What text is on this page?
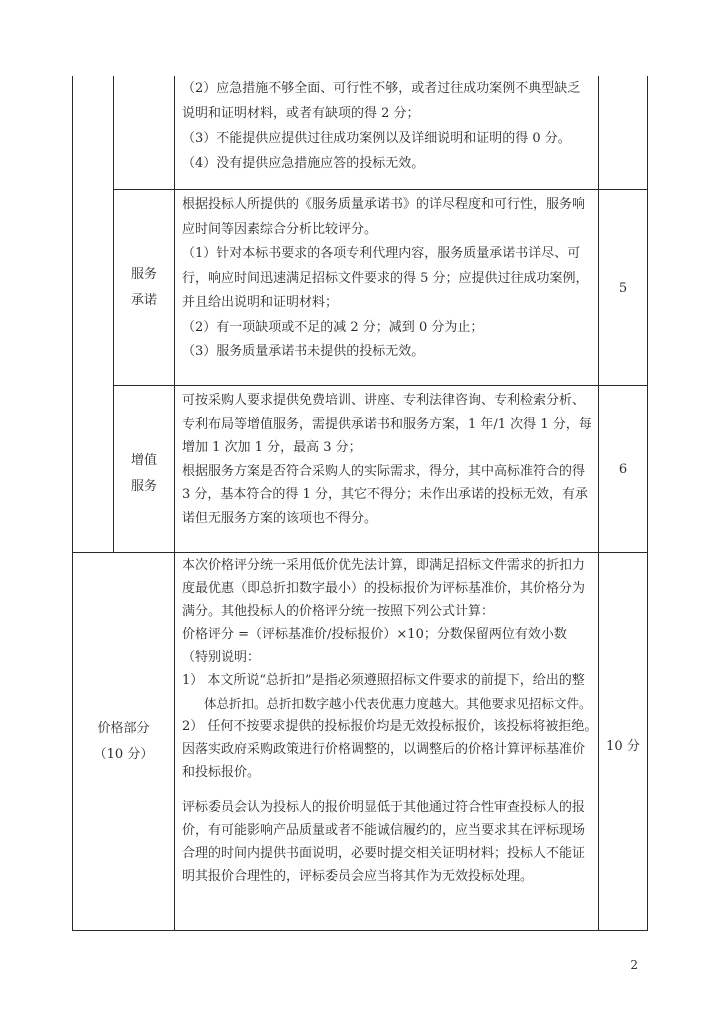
（2）应急措施不够全面、可行性不够，或者过往成功案例不典型缺乏说明和证明材料，或者有缺项的得 2 分；

（3）不能提供应提供过往成功案例以及详细说明和证明的得 0 分。

（4）没有提供应急措施应答的投标无效。

服务
承诺

根据投标人所提供的《服务质量承诺书》的详尽程度和可行性，服务响应时间等因素综合分析比较评分。

（1）针对本标书要求的各项专利代理内容，服务质量承诺书详尽、可行，响应时间迅速满足招标文件要求的得 5 分；应提供过往成功案例，并且给出说明和证明材料；

（2）有一项缺项或不足的减 2 分；减到 0 分为止；

（3）服务质量承诺书未提供的投标无效。

5
增值
服务

可按采购人要求提供免费培训、讲座、专利法律咨询、专利检索分析、专利布局等增值服务，需提供承诺书和服务方案，1 年/1 次得 1 分，每增加 1 次加 1 分，最高 3 分；

根据服务方案是否符合采购人的实际需求，得分，其中高标准符合的得 3 分，基本符合的得 1 分，其它不得分；未作出承诺的投标无效，有承诺但无服务方案的该项也不得分。

6
价格部分
（10 分）

本次价格评分统一采用低价优先法计算，即满足招标文件需求的折扣力度最优惠（即总折扣数字最小）的投标报价为评标基准价，其价格分为满分。其他投标人的价格评分统一按照下列公式计算：

价格评分 =（评标基准价/投标报价）×10；分数保留两位有效小数

（特别说明：

1） 本文所说“总折扣”是指必须遵照招标文件要求的前提下，给出的整

体总折扣。总折扣数字越小代表优惠力度越大。其他要求见招标文件。

2） 任何不按要求提供的投标报价均是无效投标报价，该投标将被拒绝。

因落实政府采购政策进行价格调整的，以调整后的价格计算评标基准价和投标报价。

评标委员会认为投标人的报价明显低于其他通过符合性审查投标人的报价，有可能影响产品质量或者不能诚信履约的，应当要求其在评标现场合理的时间内提供书面说明，必要时提交相关证明材料；投标人不能证明其报价合理性的，评标委员会应当将其作为无效投标处理。

10 分
2
